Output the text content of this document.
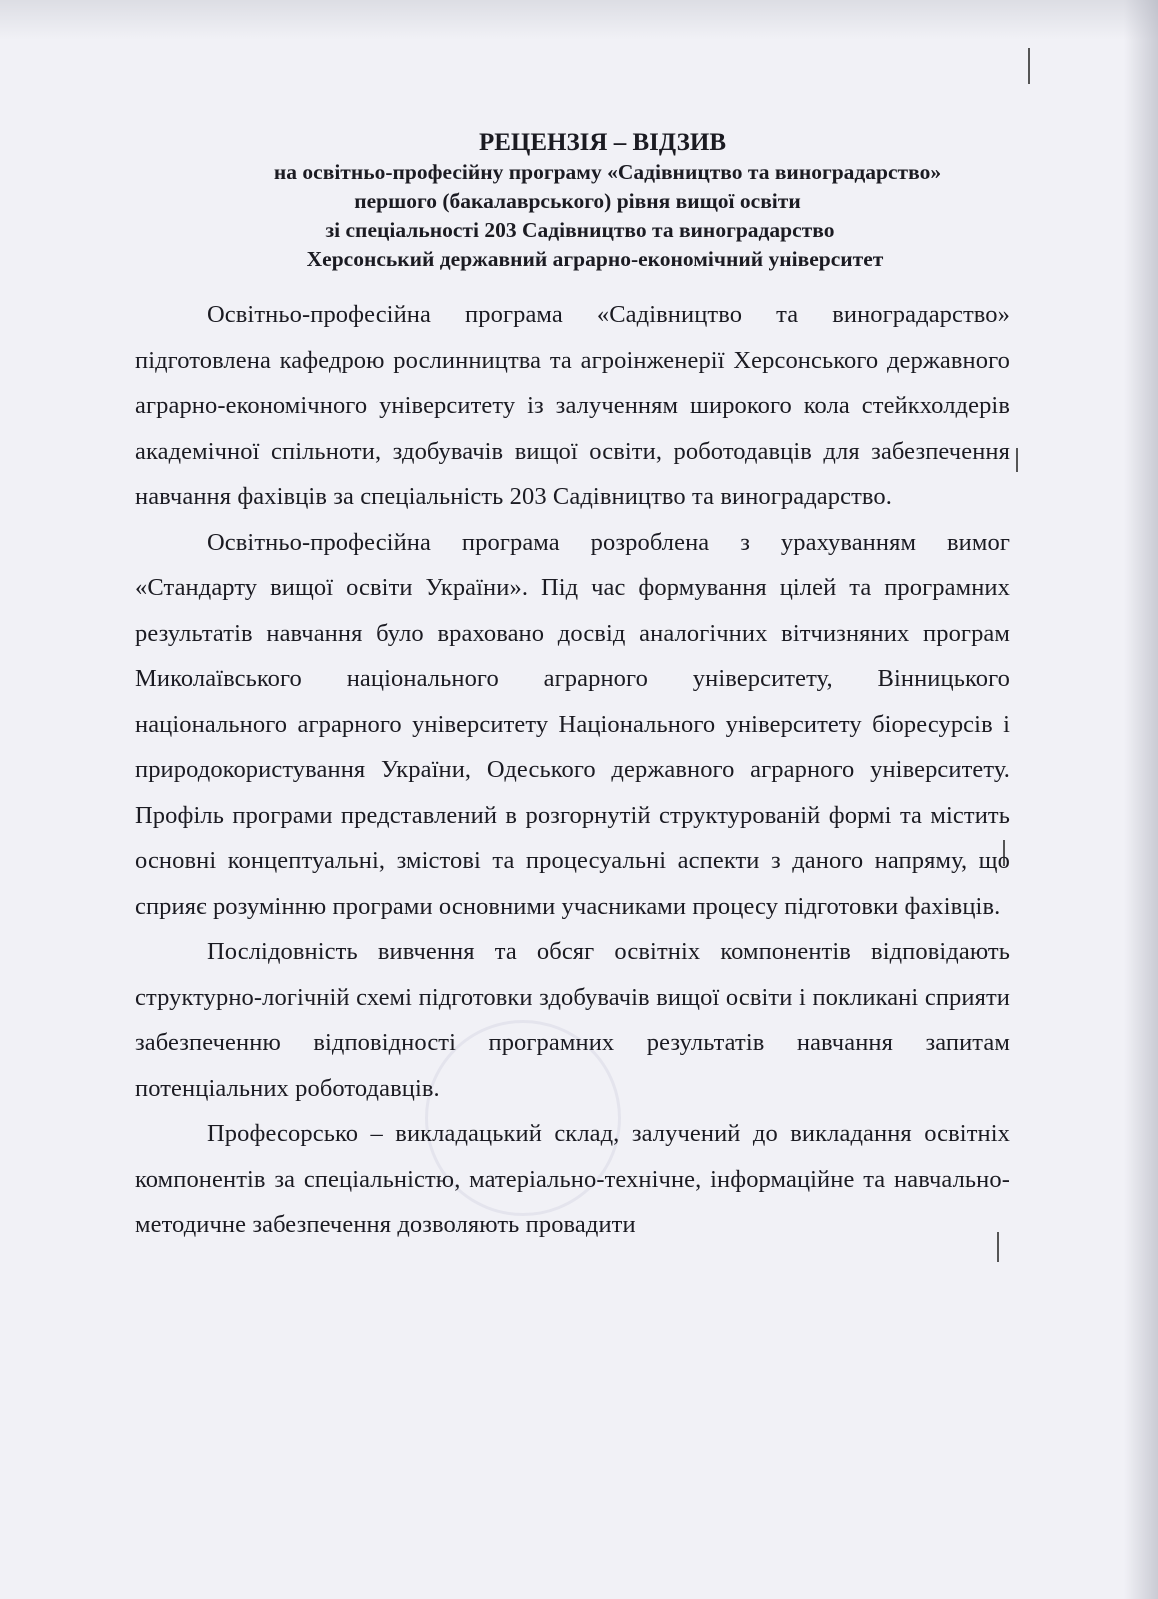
РЕЦЕНЗІЯ – ВІДЗИВ
на освітньо-професійну програму «Садівництво та виноградарство»
першого (бакалаврського) рівня вищої освіти
зі спеціальності 203 Садівництво та виноградарство
Херсонський державний аграрно-економічний університет

Освітньо-професійна програма «Садівництво та виноградарство» підготовлена кафедрою рослинництва та агроінженерії Херсонського державного аграрно-економічного університету із залученням широкого кола стейкхолдерів академічної спільноти, здобувачів вищої освіти, роботодавців для забезпечення навчання фахівців за спеціальність 203 Садівництво та виноградарство.

Освітньо-професійна програма розроблена з урахуванням вимог «Стандарту вищої освіти України». Під час формування цілей та програмних результатів навчання було враховано досвід аналогічних вітчизняних програм Миколаївського національного аграрного університету, Вінницького національного аграрного університету Національного університету біоресурсів і природокористування України, Одеського державного аграрного університету. Профіль програми представлений в розгорнутій структурованій формі та містить основні концептуальні, змістові та процесуальні аспекти з даного напряму, що сприяє розумінню програми основними учасниками процесу підготовки фахівців.

Послідовність вивчення та обсяг освітніх компонентів відповідають структурно-логічній схемі підготовки здобувачів вищої освіти і покликані сприяти забезпеченню відповідності програмних результатів навчання запитам потенціальних роботодавців.

Професорсько – викладацький склад, залучений до викладання освітніх компонентів за спеціальністю, матеріально-технічне, інформаційне та навчально-методичне забезпечення дозволяють провадити
